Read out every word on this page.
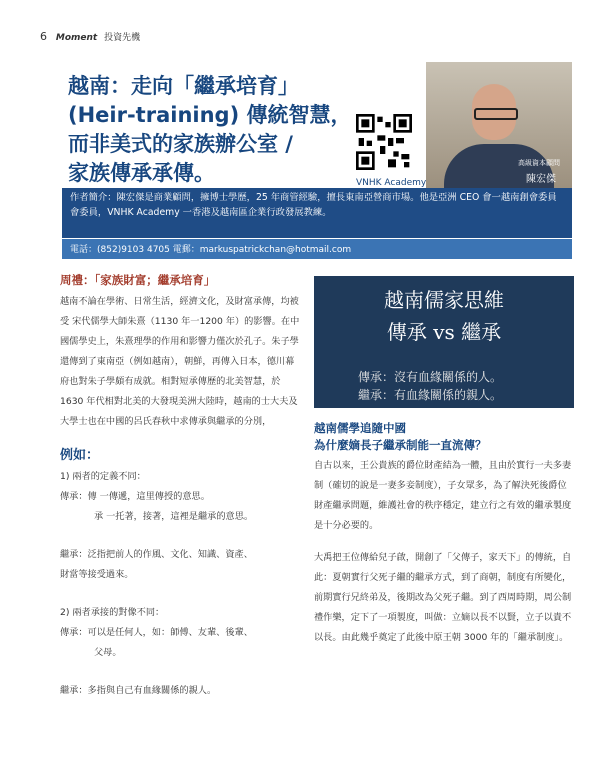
6 Moment 投資先機
越南：走向「繼承培育」
(Heir-training) 傳統智慧，
而非美式的家族辦公室 /
家族傳承承傳。	VNHK Academy
高級資本顧問
陳宏傑
作者簡介：陳宏傑是商業顧問，擁博士學歷，25 年商管經驗，擅長東南亞營商市場。他是亞洲 CEO 會一越南創會委員會委員，VNHK Academy 一香港及越南區企業行政發展教練。
電話：(852)9103 4705 電郵：markuspatrickchan@hotmail.com
周禮：「家族財富；繼承培育」

越南不論在學術、日常生活，經濟文化，及財富承傳，均被受 宋代儒學大師朱熹（1130 年一1200 年）的影響。在中國儒學史上，朱熹理學的作用和影響力僅次於孔子。朱子學還傳到了東南亞（例如越南），朝鮮，再傳入日本，德川幕府也對朱子學頗有成就。相對短承傳歷的北美智慧，於 1630 年代相對北美的大發現美洲大陸時，越南的士大夫及大學士也在中國的呂氏春秋中求傳承與繼承的分別，

例如：
1) 兩者的定義不同：
傳承：傳 一傳遞，這里傳授的意思。
承 一托著，接著，這裡是繼承的意思。
繼承：泛指把前人的作風、文化、知識、資產、
財當等接受過來。
2) 兩者承接的對像不同：
傳承：可以是任何人，如：師傅、友輩、後輩、
父母。
繼承：多指與自己有血緣關係的親人。
越南儒家思維
傳承 vs 繼承
傳承：沒有血緣關係的人。
繼承：有血緣關係的親人。
越南儒學追隨中國
為什麼嫡長子繼承制能一直流傳？

自古以來，王公貴族的爵位財產結為一體，且由於實行一夫多妻制（確切的說是一妻多妾制度），子女眾多，為了解決死後爵位財產繼承問題，維護社會的秩序穩定，建立行之有效的繼承製度是十分必要的。

大禹把王位傳給兒子啟，開創了「父傳子，家天下」的傳統，自此：夏朝實行父死子繼的繼承方式，到了商朝，制度有所變化，前期實行兄終弟及，後期改為父死子繼。到了西周時期，周公制禮作樂，定下了一項製度，叫做：立嫡以長不以賢，立子以貴不以長。由此幾乎奠定了此後中原王朝 3000 年的「繼承制度」。
